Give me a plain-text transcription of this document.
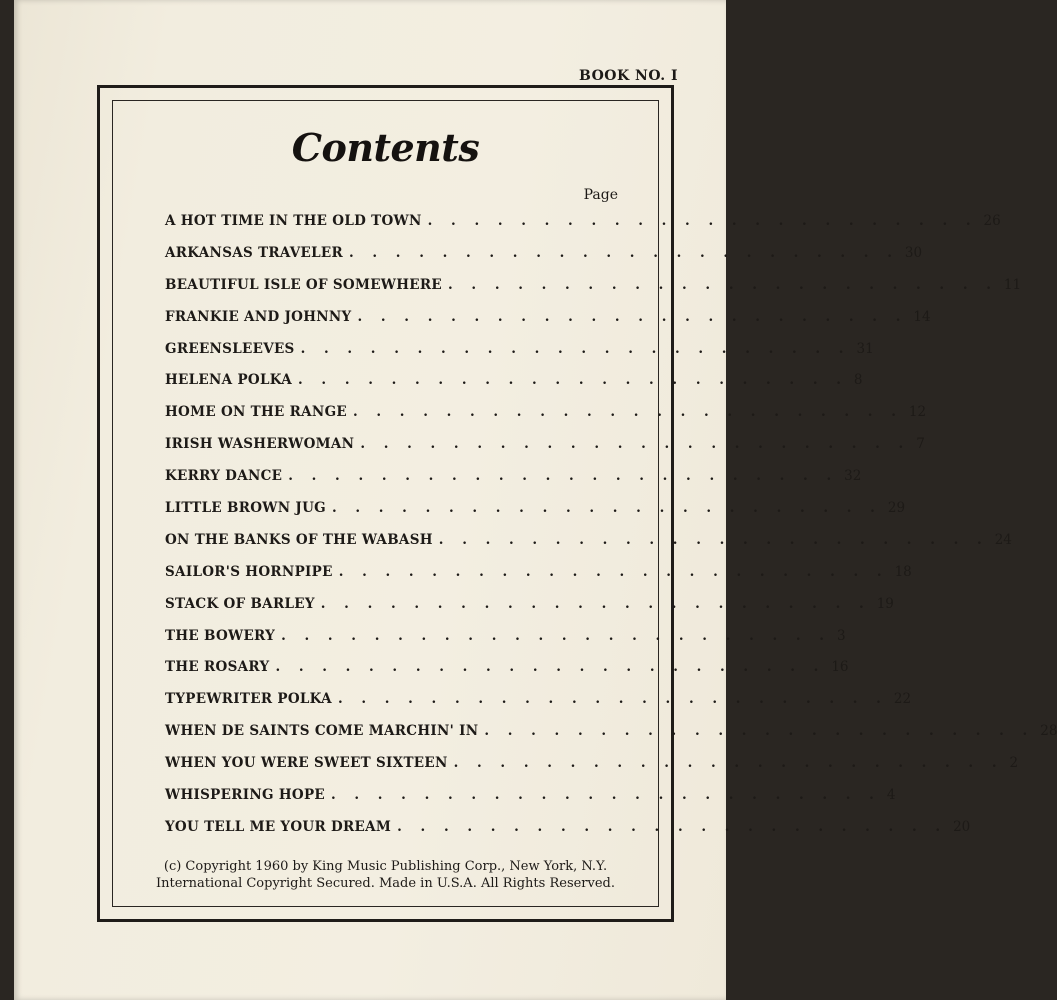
BOOK NO. I
Contents
Page
A HOT TIME IN THE OLD TOWN . . . . . . . . . . . . . . . . . . . . . . . . 26
ARKANSAS TRAVELER . . . . . . . . . . . . . . . . . . . . . . . . 30
BEAUTIFUL ISLE OF SOMEWHERE . . . . . . . . . . . . . . . . . . . . . . . . 11
FRANKIE AND JOHNNY . . . . . . . . . . . . . . . . . . . . . . . . 14
GREENSLEEVES . . . . . . . . . . . . . . . . . . . . . . . . 31
HELENA POLKA . . . . . . . . . . . . . . . . . . . . . . . . 8
HOME ON THE RANGE . . . . . . . . . . . . . . . . . . . . . . . . 12
IRISH WASHERWOMAN . . . . . . . . . . . . . . . . . . . . . . . . 7
KERRY DANCE . . . . . . . . . . . . . . . . . . . . . . . . 32
LITTLE BROWN JUG . . . . . . . . . . . . . . . . . . . . . . . . 29
ON THE BANKS OF THE WABASH . . . . . . . . . . . . . . . . . . . . . . . . 24
SAILOR'S HORNPIPE . . . . . . . . . . . . . . . . . . . . . . . . 18
STACK OF BARLEY . . . . . . . . . . . . . . . . . . . . . . . . 19
THE BOWERY . . . . . . . . . . . . . . . . . . . . . . . . 3
THE ROSARY . . . . . . . . . . . . . . . . . . . . . . . . 16
TYPEWRITER POLKA . . . . . . . . . . . . . . . . . . . . . . . . 22
WHEN DE SAINTS COME MARCHIN' IN . . . . . . . . . . . . . . . . . . . . . . . . 28
WHEN YOU WERE SWEET SIXTEEN . . . . . . . . . . . . . . . . . . . . . . . . 2
WHISPERING HOPE . . . . . . . . . . . . . . . . . . . . . . . . 4
YOU TELL ME YOUR DREAM . . . . . . . . . . . . . . . . . . . . . . . . 20
(c) Copyright 1960 by King Music Publishing Corp., New York, N.Y.
International Copyright Secured. Made in U.S.A. All Rights Reserved.
